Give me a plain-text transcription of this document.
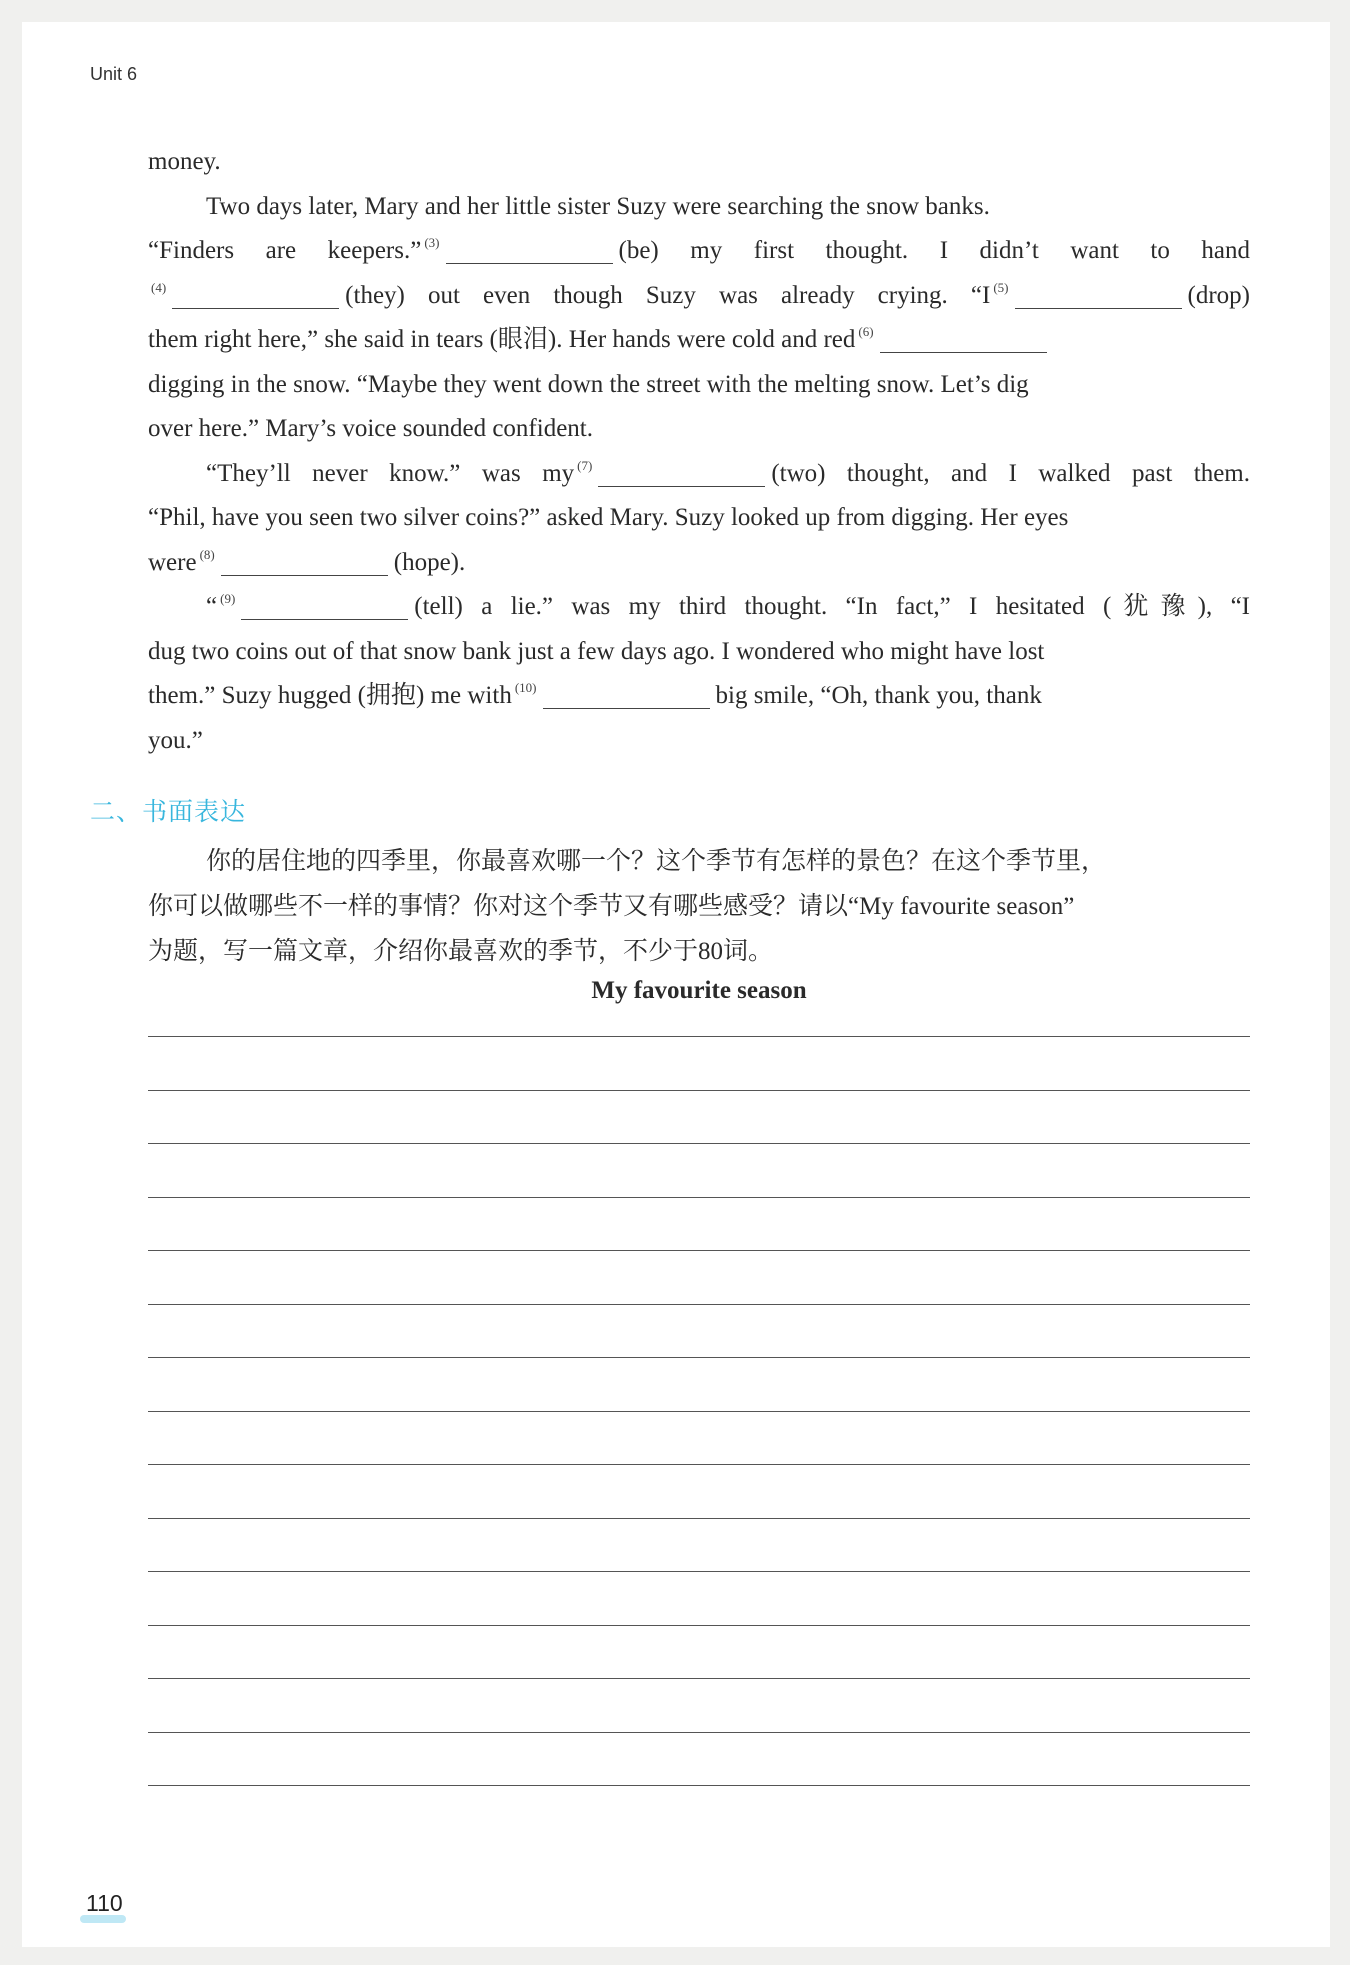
Unit 6
money.
Two days later, Mary and her little sister Suzy were searching the snow banks.
“Finders are keepers.” $^{(3)}$	(be) my first thought. I didn’t want to hand
$^{(4)}$	(they) out even though Suzy was already crying. “I $^{(5)}$	(drop)
them right here,” she said in tears (眼泪). Her hands were cold and red $^{(6)}$
digging in the snow. “Maybe they went down the street with the melting snow. Let’s dig
over here.” Mary’s voice sounded confident.
“They’ll never know.” was my $^{(7)}$	(two) thought, and I walked past them.
“Phil, have you seen two silver coins?” asked Mary. Suzy looked up from digging. Her eyes
were $^{(8)}$	(hope).
“ $^{(9)}$	(tell) a lie.” was my third thought. “In fact,” I hesitated (犹豫), “I
dug two coins out of that snow bank just a few days ago. I wondered who might have lost
them.” Suzy hugged (拥抱) me with $^{(10)}$	big smile, “Oh, thank you, thank
you.”
二、书面表达
你的居住地的四季里，你最喜欢哪一个？这个季节有怎样的景色？在这个季节里，
你可以做哪些不一样的事情？你对这个季节又有哪些感受？请以“My favourite season”
为题，写一篇文章，介绍你最喜欢的季节，不少于80词。
My favourite season
110
